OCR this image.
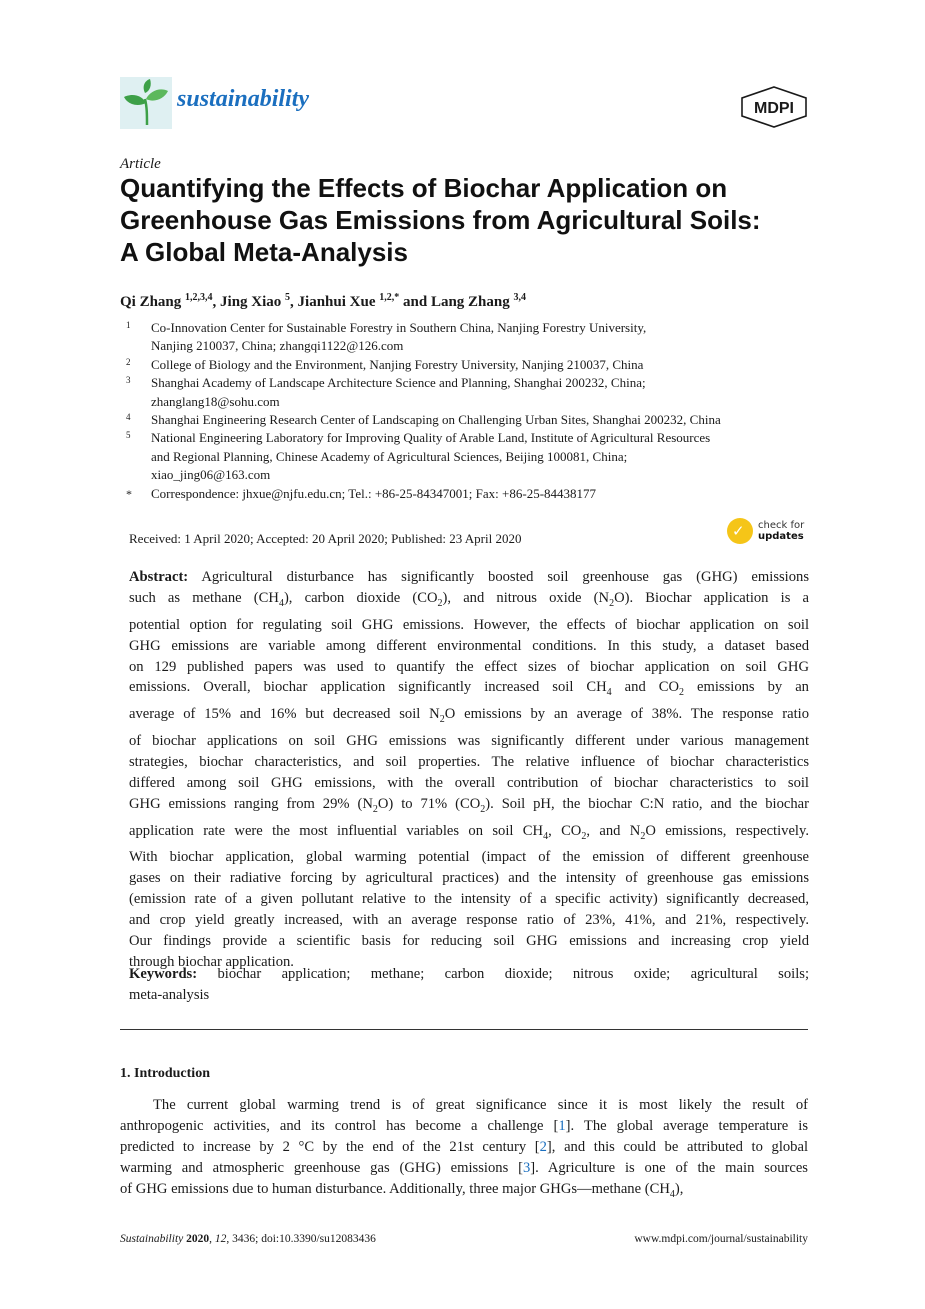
sustainability	MDPI
Article
Quantifying the Effects of Biochar Application on
Greenhouse Gas Emissions from Agricultural Soils:
A Global Meta-Analysis
Qi Zhang $^{1,2,3,4}$, Jing Xiao $^5$, Jianhui Xue $^{1,2,*}$ and Lang Zhang $^{3,4}$
1 Co-Innovation Center for Sustainable Forestry in Southern China, Nanjing Forestry University,
Nanjing 210037, China; zhangqi1122@126.com
2 College of Biology and the Environment, Nanjing Forestry University, Nanjing 210037, China
3 Shanghai Academy of Landscape Architecture Science and Planning, Shanghai 200232, China;
zhanglang18@sohu.com
4 Shanghai Engineering Research Center of Landscaping on Challenging Urban Sites, Shanghai 200232, China
5 National Engineering Laboratory for Improving Quality of Arable Land, Institute of Agricultural Resources
and Regional Planning, Chinese Academy of Agricultural Sciences, Beijing 100081, China;
xiao_jing06@163.com
* Correspondence: jhxue@njfu.edu.cn; Tel.: +86-25-84347001; Fax: +86-25-84438177
Received: 1 April 2020; Accepted: 20 April 2020; Published: 23 April 2020	✓ check for
updates
Abstract: Agricultural disturbance has significantly boosted soil greenhouse gas (GHG) emissions
such as methane $(CH_4)$, carbon dioxide $(CO_2)$, and nitrous oxide $(N_2O)$. Biochar application is a
potential option for regulating soil GHG emissions. However, the effects of biochar application on soil
GHG emissions are variable among different environmental conditions. In this study, a dataset based
on 129 published papers was used to quantify the effect sizes of biochar application on soil GHG
emissions. Overall, biochar application significantly increased soil $CH_4$ and $CO_2$ emissions by an
average of 15% and 16% but decreased soil $N_2O$ emissions by an average of 38%. The response ratio
of biochar applications on soil GHG emissions was significantly different under various management
strategies, biochar characteristics, and soil properties. The relative influence of biochar characteristics
differed among soil GHG emissions, with the overall contribution of biochar characteristics to soil
GHG emissions ranging from 29% $(N_2O)$ to 71% $(CO_2)$. Soil pH, the biochar C:N ratio, and the biochar
application rate were the most influential variables on soil $CH_4$, $CO_2$, and $N_2O$ emissions, respectively.
With biochar application, global warming potential (impact of the emission of different greenhouse
gases on their radiative forcing by agricultural practices) and the intensity of greenhouse gas emissions
(emission rate of a given pollutant relative to the intensity of a specific activity) significantly decreased,
and crop yield greatly increased, with an average response ratio of 23%, 41%, and 21%, respectively.
Our findings provide a scientific basis for reducing soil GHG emissions and increasing crop yield
through biochar application.
Keywords: biochar application; methane; carbon dioxide; nitrous oxide; agricultural soils;
meta-analysis
1. Introduction
The current global warming trend is of great significance since it is most likely the result of
anthropogenic activities, and its control has become a challenge [1]. The global average temperature is
predicted to increase by 2 °C by the end of the 21st century [2], and this could be attributed to global
warming and atmospheric greenhouse gas (GHG) emissions [3]. Agriculture is one of the main sources
of GHG emissions due to human disturbance. Additionally, three major GHGs—methane $(CH_4)$,
Sustainability 2020, 12, 3436; doi:10.3390/su12083436	www.mdpi.com/journal/sustainability
